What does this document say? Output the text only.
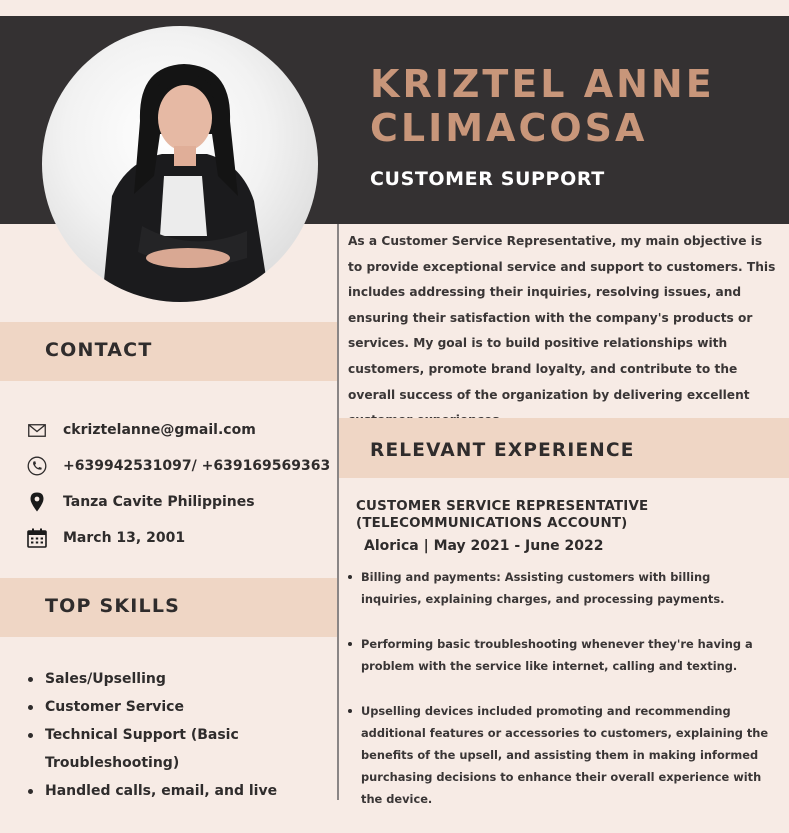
KRIZTEL ANNE
CLIMACOSA
CUSTOMER SUPPORT
CONTACT
ckriztelanne@gmail.com
+639942531097/ +639169569363
Tanza Cavite Philippines
March 13, 2001
TOP SKILLS
Sales/Upselling
Customer Service
Technical Support (Basic Troubleshooting)
Handled calls, email, and live

As a Customer Service Representative, my main objective is to provide exceptional service and support to customers. This includes addressing their inquiries, resolving issues, and ensuring their satisfaction with the company's products or services. My goal is to build positive relationships with customers, promote brand loyalty, and contribute to the overall success of the organization by delivering excellent

RELEVANT EXPERIENCE
CUSTOMER SERVICE REPRESENTATIVE (TELECOMMUNICATIONS ACCOUNT)
Alorica | May 2021 - June 2022
Billing and payments: Assisting customers with billing inquiries, explaining charges, and processing payments.
Performing basic troubleshooting whenever they're having a problem with the service like internet, calling and texting.
Upselling devices included promoting and recommending additional features or accessories to customers, explaining the benefits of the upsell, and assisting them in making informed purchasing decisions to enhance their overall experience with the device.
